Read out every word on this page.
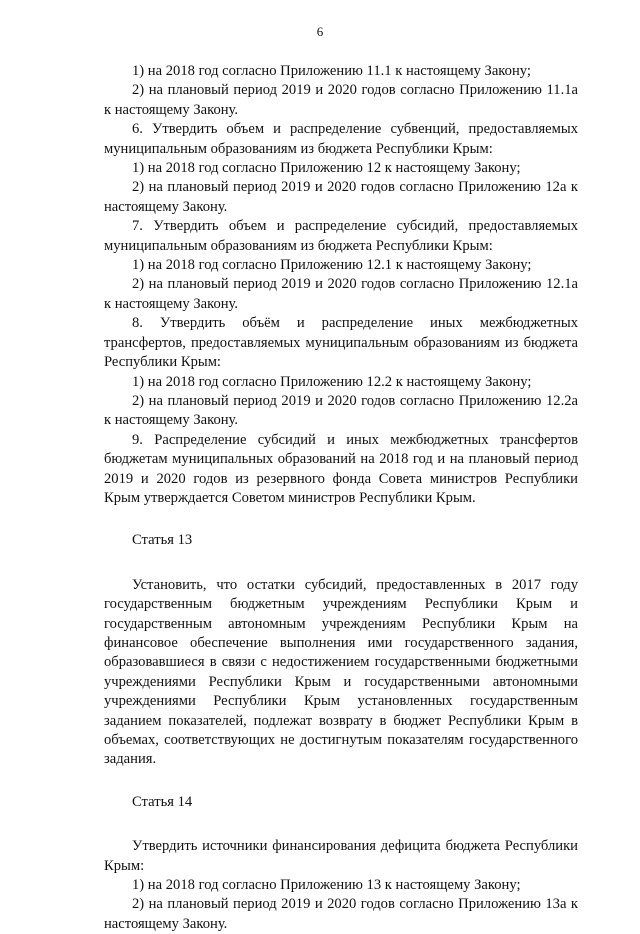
6

1) на 2018 год согласно Приложению 11.1 к настоящему Закону;

2) на плановый период 2019 и 2020 годов согласно Приложению 11.1а к настоящему Закону.

6. Утвердить объем и распределение субвенций, предоставляемых муниципальным образованиям из бюджета Республики Крым:

1) на 2018 год согласно Приложению 12 к настоящему Закону;

2) на плановый период 2019 и 2020 годов согласно Приложению 12а к настоящему Закону.

7. Утвердить объем и распределение субсидий, предоставляемых муниципальным образованиям из бюджета Республики Крым:

1) на 2018 год согласно Приложению 12.1 к настоящему Закону;

2) на плановый период 2019 и 2020 годов согласно Приложению 12.1а к настоящему Закону.

8. Утвердить объём и распределение иных межбюджетных трансфертов, предоставляемых муниципальным образованиям из бюджета Республики Крым:

1) на 2018 год согласно Приложению 12.2 к настоящему Закону;

2) на плановый период 2019 и 2020 годов согласно Приложению 12.2а к настоящему Закону.

9. Распределение субсидий и иных межбюджетных трансфертов бюджетам муниципальных образований на 2018 год и на плановый период 2019 и 2020 годов из резервного фонда Совета министров Республики Крым утверждается Советом министров Республики Крым.

Статья 13

Установить, что остатки субсидий, предоставленных в 2017 году государственным бюджетным учреждениям Республики Крым и государственным автономным учреждениям Республики Крым на финансовое обеспечение выполнения ими государственного задания, образовавшиеся в связи с недостижением государственными бюджетными учреждениями Республики Крым и государственными автономными учреждениями Республики Крым установленных государственным заданием показателей, подлежат возврату в бюджет Республики Крым в объемах, соответствующих не достигнутым показателям государственного задания.

Статья 14

Утвердить источники финансирования дефицита бюджета Республики Крым:

1) на 2018 год согласно Приложению 13 к настоящему Закону;

2) на плановый период 2019 и 2020 годов согласно Приложению 13а к настоящему Закону.
